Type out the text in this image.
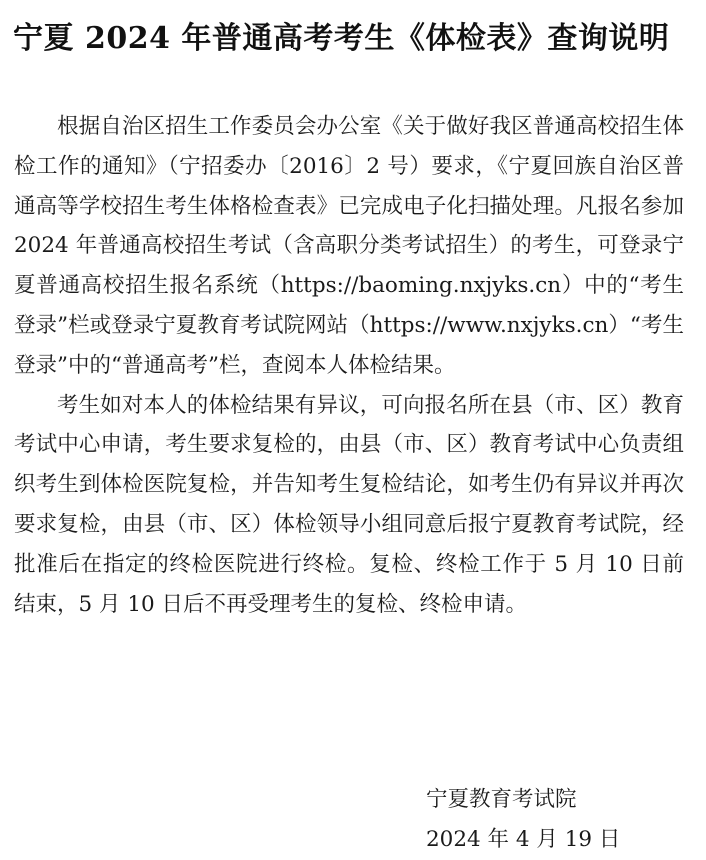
宁夏 2024 年普通高考考生《体检表》查询说明

根据自治区招生工作委员会办公室《关于做好我区普通高校招生体检工作的通知》（宁招委办〔2016〕2 号）要求，《宁夏回族自治区普通高等学校招生考生体格检查表》已完成电子化扫描处理。凡报名参加 2024 年普通高校招生考试（含高职分类考试招生）的考生，可登录宁夏普通高校招生报名系统（https://baoming.nxjyks.cn）中的“考生登录”栏或登录宁夏教育考试院网站（https://www.nxjyks.cn）“考生登录”中的“普通高考”栏，查阅本人体检结果。

考生如对本人的体检结果有异议，可向报名所在县（市、区）教育考试中心申请，考生要求复检的，由县（市、区）教育考试中心负责组织考生到体检医院复检，并告知考生复检结论，如考生仍有异议并再次要求复检，由县（市、区）体检领导小组同意后报宁夏教育考试院，经批准后在指定的终检医院进行终检。复检、终检工作于 5 月 10 日前结束，5 月 10 日后不再受理考生的复检、终检申请。

宁夏教育考试院
2024 年 4 月 19 日
